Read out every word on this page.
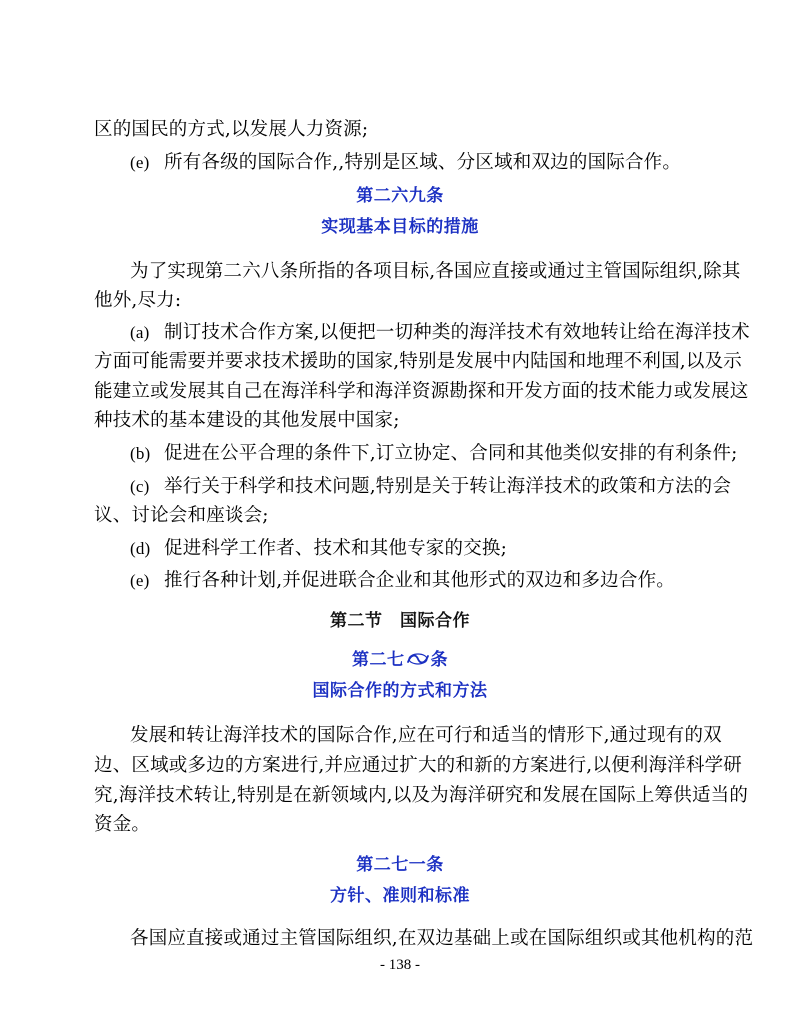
区的国民的方式,以发展人力资源;
(e) 所有各级的国际合作,,特别是区域、分区域和双边的国际合作。
第二六九条
实现基本目标的措施
为了实现第二六八条所指的各项目标,各国应直接或通过主管国际组织,除其
他外,尽力:
(a) 制订技术合作方案,以便把一切种类的海洋技术有效地转让给在海洋技术
方面可能需要并要求技术援助的国家,特别是发展中内陆国和地理不利国,以及示
能建立或发展其自己在海洋科学和海洋资源勘探和开发方面的技术能力或发展这
种技术的基本建设的其他发展中国家;
(b) 促进在公平合理的条件下,订立协定、合同和其他类似安排的有利条件;
(c) 举行关于科学和技术问题,特别是关于转让海洋技术的政策和方法的会
议、讨论会和座谈会;
(d) 促进科学工作者、技术和其他专家的交换;
(e) 推行各种计划,并促进联合企业和其他形式的双边和多边合作。
第二节　国际合作
第二七 条
国际合作的方式和方法
发展和转让海洋技术的国际合作,应在可行和适当的情形下,通过现有的双
边、区域或多边的方案进行,并应通过扩大的和新的方案进行,以便利海洋科学研
究,海洋技术转让,特别是在新领域内,以及为海洋研究和发展在国际上筹供适当的
资金。
第二七一条
方针、准则和标准
各国应直接或通过主管国际组织,在双边基础上或在国际组织或其他机构的范
- 138 -
